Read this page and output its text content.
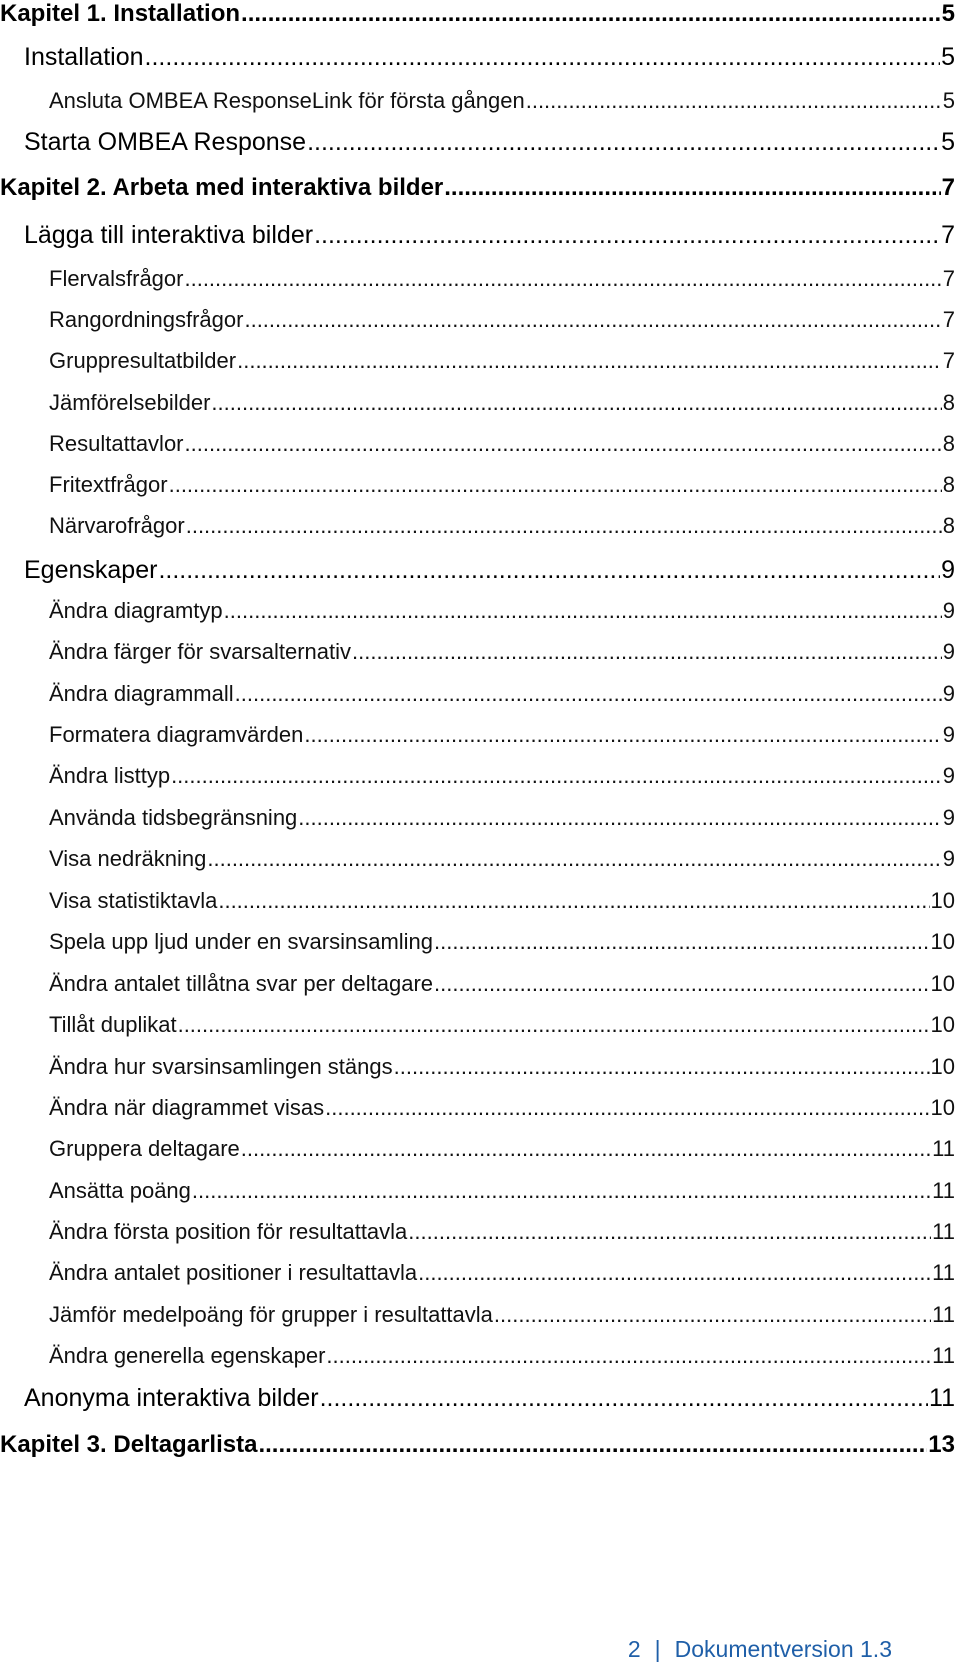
Kapitel 1. Installation .....	5
Installation .....	5
Ansluta OMBEA ResponseLink för första gången .....	5
Starta OMBEA Response .....	5
Kapitel 2. Arbeta med interaktiva bilder .....	7
Lägga till interaktiva bilder .....	7
Flervalsfrågor .....	7
Rangordningsfrågor .....	7
Gruppresultatbilder .....	7
Jämförelsebilder .....	8
Resultattavlor .....	8
Fritextfrågor .....	8
Närvarofrågor .....	8
Egenskaper .....	9
Ändra diagramtyp .....	9
Ändra färger för svarsalternativ .....	9
Ändra diagrammall .....	9
Formatera diagramvärden .....	9
Ändra listtyp .....	9
Använda tidsbegränsning .....	9
Visa nedräkning .....	9
Visa statistiktavla .....	10
Spela upp ljud under en svarsinsamling .....	10
Ändra antalet tillåtna svar per deltagare .....	10
Tillåt duplikat .....	10
Ändra hur svarsinsamlingen stängs .....	10
Ändra när diagrammet visas .....	10
Gruppera deltagare .....	11
Ansätta poäng .....	11
Ändra första position för resultattavla .....	11
Ändra antalet positioner i resultattavla .....	11
Jämför medelpoäng för grupper i resultattavla .....	11
Ändra generella egenskaper .....	11
Anonyma interaktiva bilder .....	11
Kapitel 3. Deltagarlista .....	13
2 | Dokumentversion 1.3
